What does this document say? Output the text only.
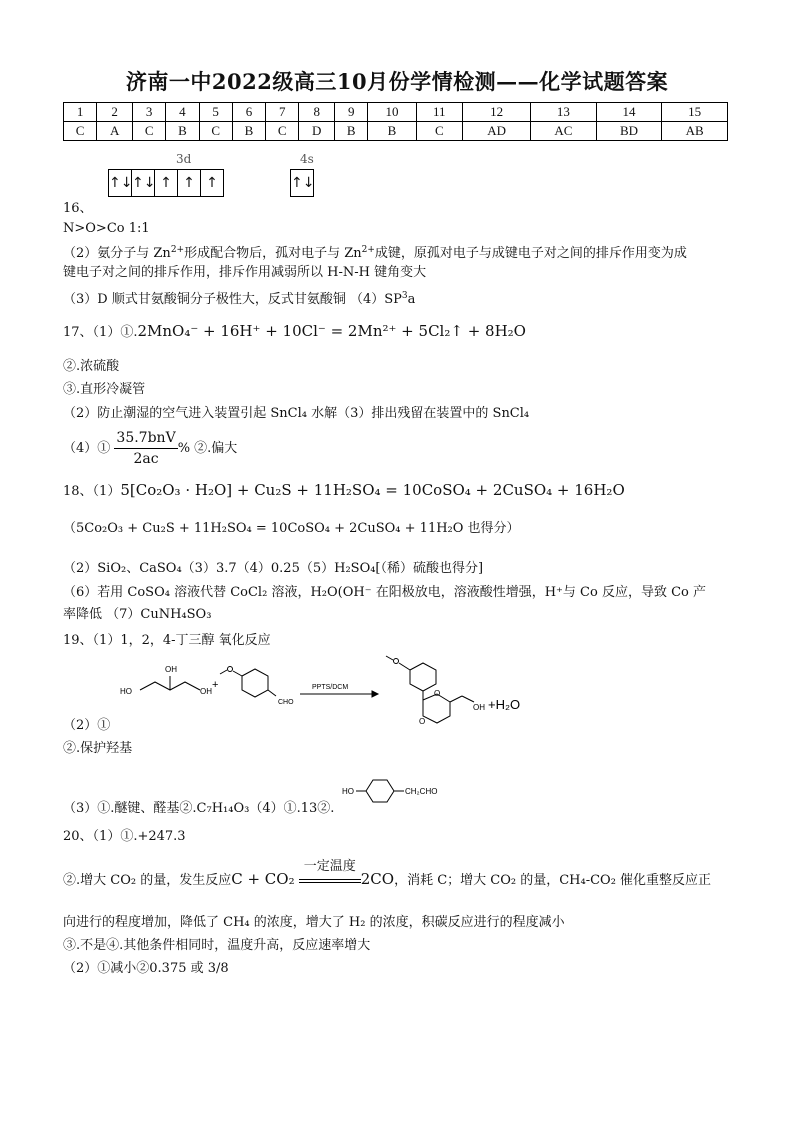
济南一中2022级高三10月份学情检测——化学试题答案
1	2	3	4	5	6	7	8	9	10	11	12	13	14	15
C	A	C	B	C	B	C	D	B	B	C	AD	AC	BD	AB
3d	4s
↑↓ ↑↓ ↑ ↑ ↑	↑↓
16、
N>O>Co 1:1
（2）氨分子与 $Zn^{2+}$形成配合物后，孤对电子与 $Zn^{2+}$成键，原孤对电子与成键电子对之间的排斥作用变为成
键电子对之间的排斥作用，排斥作用减弱所以 H-N-H 键角变大
（3）D 顺式甘氨酸铜分子极性大，反式甘氨酸铜 $(4)SP^3a$
17、（1）①.2MnO₄⁻ + 16H⁺ + 10Cl⁻ = 2Mn²⁺ + 5Cl₂↑ + 8H₂O
②.浓硫酸
③.直形冷凝管
（2）防止潮湿的空气进入装置引起 SnCl₄ 水解（3）排出残留在装置中的 SnCl₄
（4）① $\frac{\text{35.7bnV}}{2ac}$ % ②.偏大
18、（1）5[Co₂O₃ · H₂O] + Cu₂S + 11H₂SO₄ = 10CoSO₄ + 2CuSO₄ + 16H₂O
（5Co₂O₃ + Cu₂S + 11H₂SO₄ = 10CoSO₄ + 2CuSO₄ + 11H₂O 也得分）
（2）SiO₂、CaSO₄（3）3.7（4）0.25（5）H₂SO₄[（稀）硫酸也得分]
（6）若用 CoSO₄ 溶液代替 CoCl₂ 溶液，H₂O(OH⁻ 在阳极放电，溶液酸性增强，H⁺与 Co 反应，导致 Co 产
率降低 （7）CuNH₄SO₃
19、（1）1，2，4-丁三醇 氧化反应
HO
OH
OH
+
CHO
PPTS/DCM
O
O
OH +H₂O
（2）①
②.保护羟基
HO	CH₂CHO
（3）①.醚键、醛基②.C₇H₁₄O₃（4）①.13②.
20、（1）①.+247.3
②.增大 CO₂ 的量，发生反应C + CO₂
一定温度
2CO，消耗 C；增大 CO₂ 的量，CH₄-CO₂ 催化重整反应正
向进行的程度增加，降低了 CH₄ 的浓度，增大了 H₂ 的浓度，积碳反应进行的程度减小
③.不是④.其他条件相同时，温度升高，反应速率增大
（2）①减小②0.375 或 3/8
